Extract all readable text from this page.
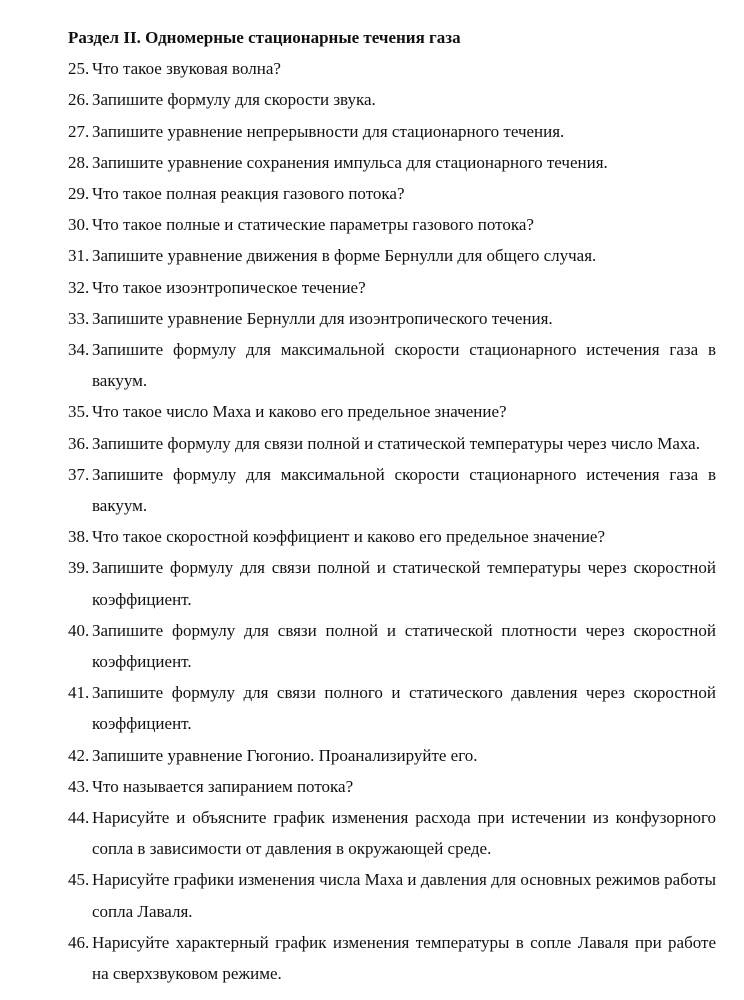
Раздел II. Одномерные стационарные течения газа
25. Что такое звуковая волна?
26. Запишите формулу для скорости звука.
27. Запишите уравнение непрерывности для стационарного течения.
28. Запишите уравнение сохранения импульса для стационарного течения.
29. Что такое полная реакция газового потока?
30. Что такое полные и статические параметры газового потока?
31. Запишите уравнение движения в форме Бернулли для общего случая.
32. Что такое изоэнтропическое течение?
33. Запишите уравнение Бернулли для изоэнтропического течения.
34. Запишите формулу для максимальной скорости стационарного истечения газа в вакуум.
35. Что такое число Маха и каково его предельное значение?
36. Запишите формулу для связи полной и статической температуры через число Маха.
37. Запишите формулу для максимальной скорости стационарного истечения газа в вакуум.
38. Что такое скоростной коэффициент и каково его предельное значение?
39. Запишите формулу для связи полной и статической температуры через скоростной коэффициент.
40. Запишите формулу для связи полной и статической плотности через скоростной коэффициент.
41. Запишите формулу для связи полного и статического давления через скоростной коэффициент.
42. Запишите уравнение Гюгонио. Проанализируйте его.
43. Что называется запиранием потока?
44. Нарисуйте и объясните график изменения расхода при истечении из конфузорного сопла в зависимости от давления в окружающей среде.
45. Нарисуйте графики изменения числа Маха и давления для основных режимов работы сопла Лаваля.
46. Нарисуйте характерный график изменения температуры в сопле Лаваля при работе на сверхзвуковом режиме.
